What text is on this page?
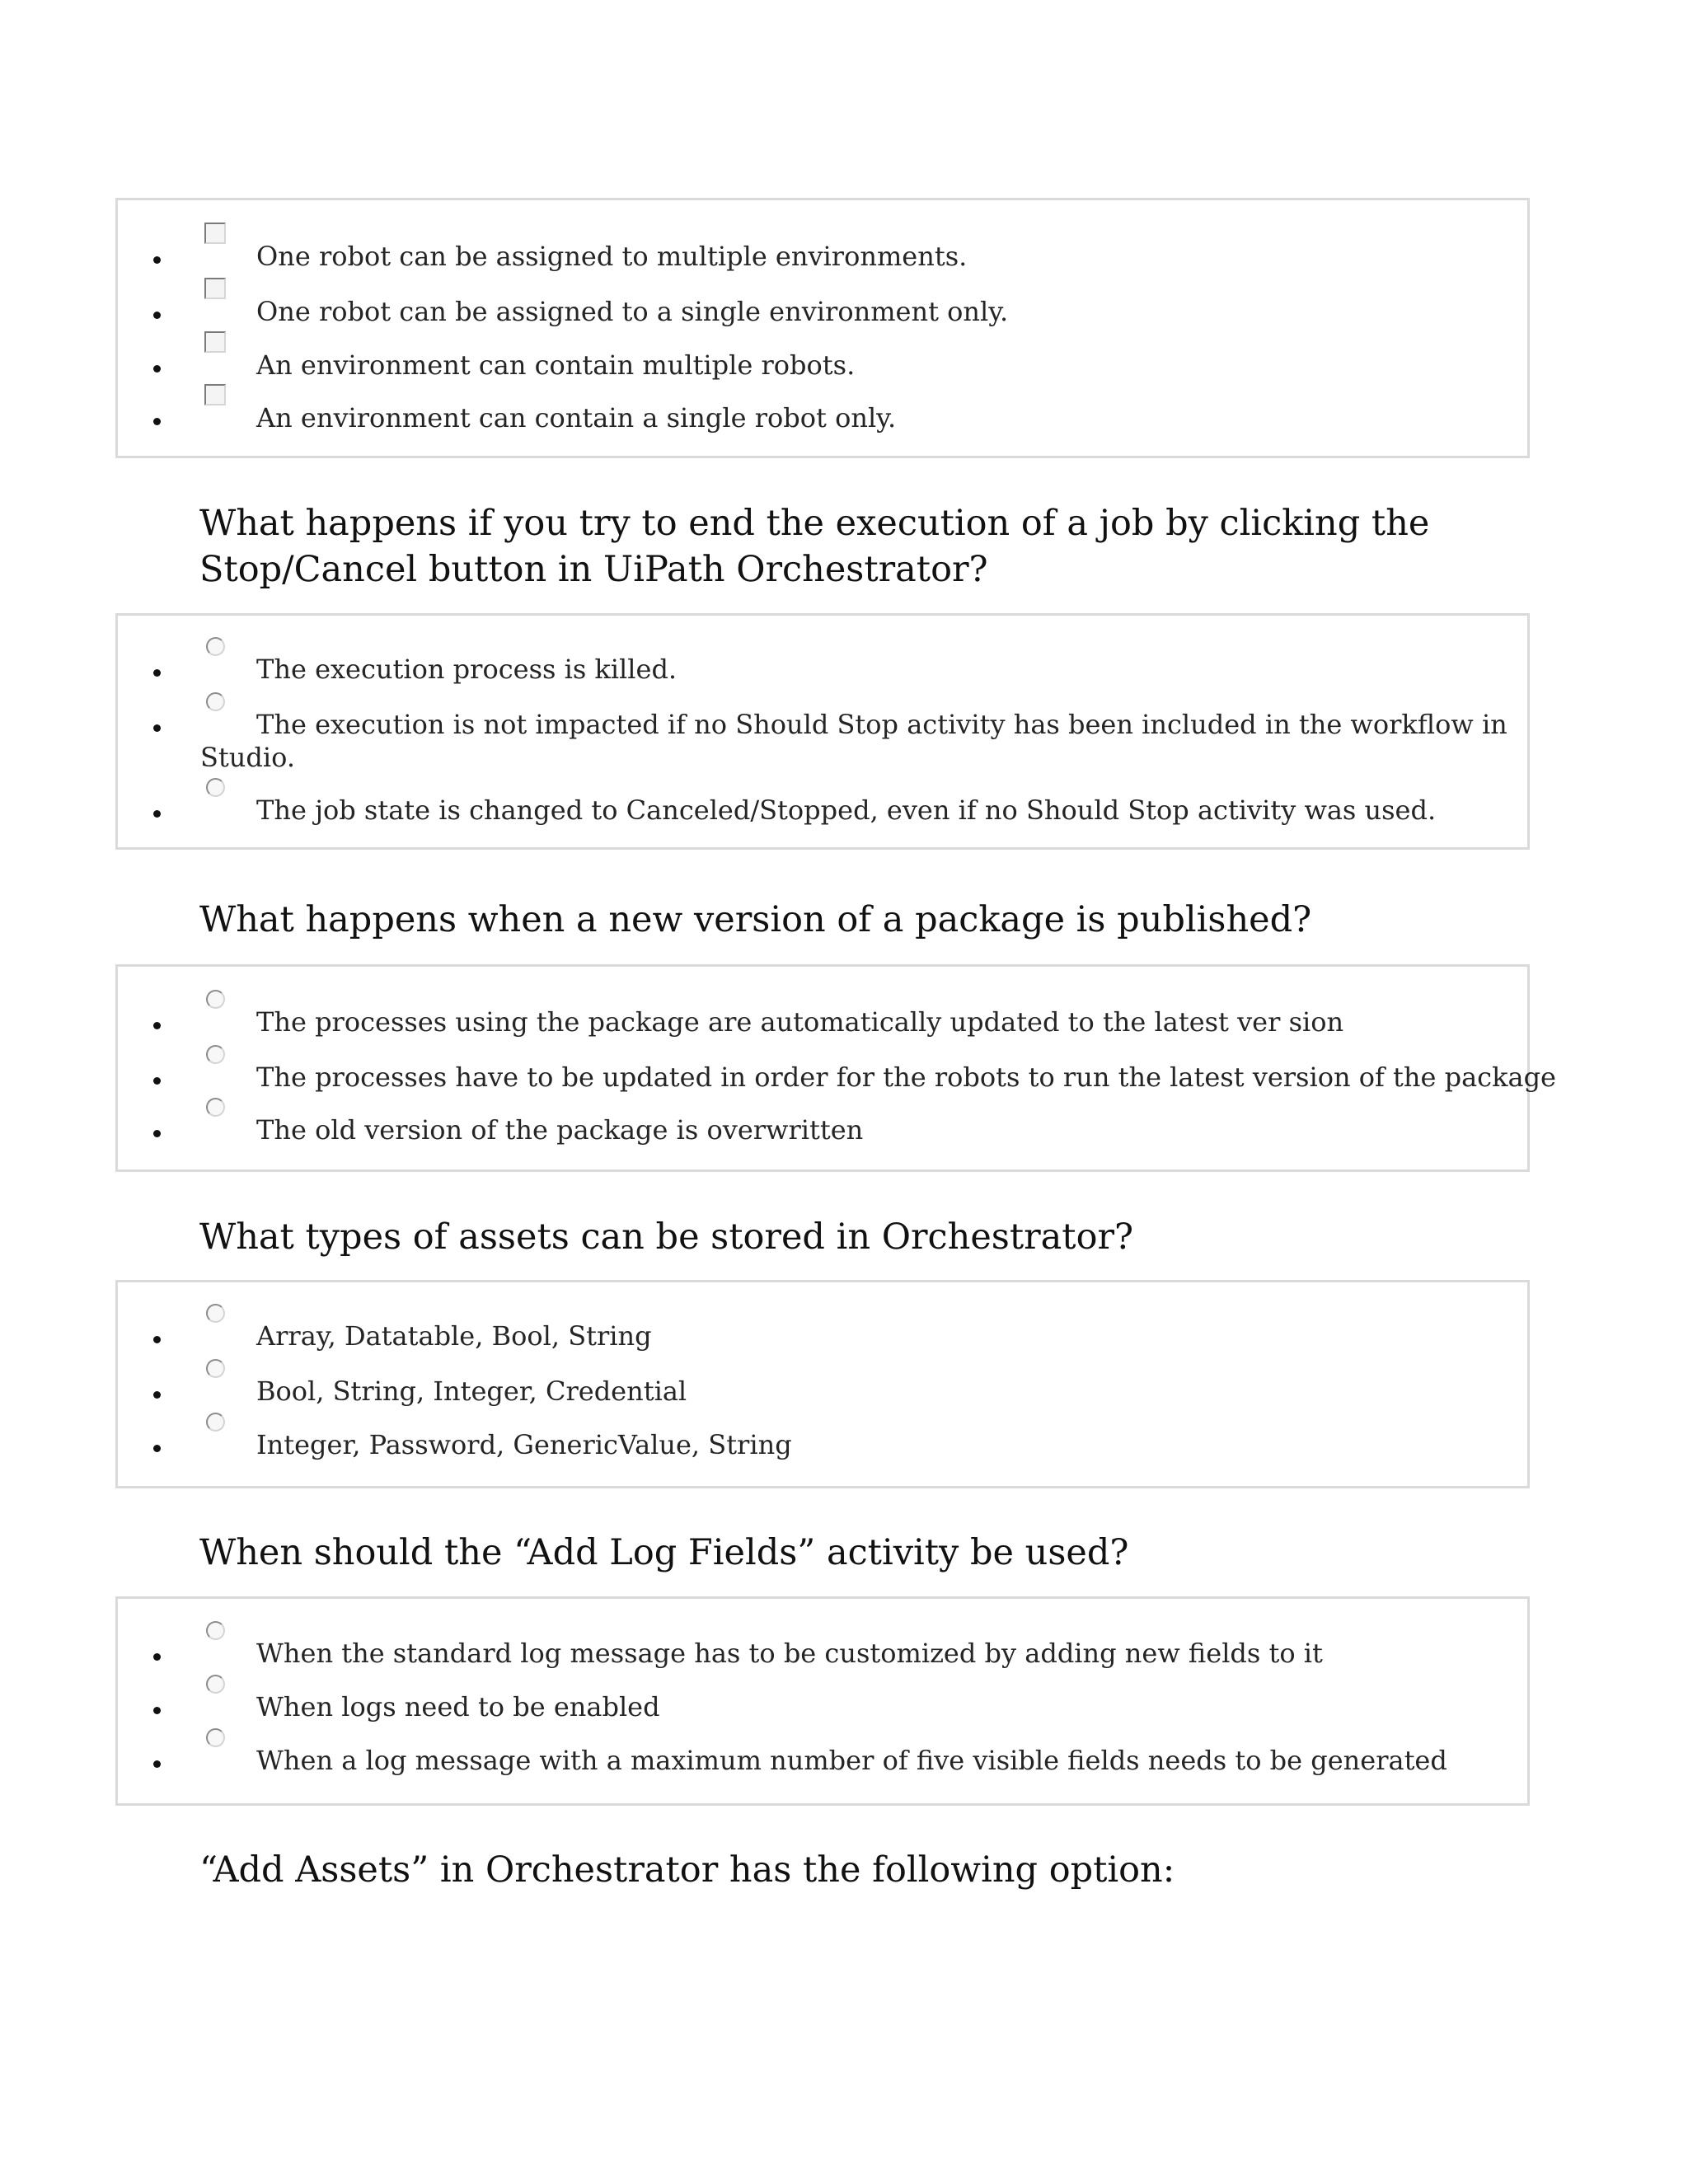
One robot can be assigned to multiple environments.
One robot can be assigned to a single environment only.
An environment can contain multiple robots.
An environment can contain a single robot only.
What happens if you try to end the execution of a job by clicking the
Stop/Cancel button in UiPath Orchestrator?
The execution process is killed.
The execution is not impacted if no Should Stop activity has been included in the workflow in
Studio.
The job state is changed to Canceled/Stopped, even if no Should Stop activity was used.
What happens when a new version of a package is published?
The processes using the package are automatically updated to the latest ver sion
The processes have to be updated in order for the robots to run the latest version of the package
The old version of the package is overwritten
What types of assets can be stored in Orchestrator?
Array, Datatable, Bool, String
Bool, String, Integer, Credential
Integer, Password, GenericValue, String
When should the “Add Log Fields” activity be used?
When the standard log message has to be customized by adding new fields to it
When logs need to be enabled
When a log message with a maximum number of five visible fields needs to be generated
“Add Assets” in Orchestrator has the following option:
